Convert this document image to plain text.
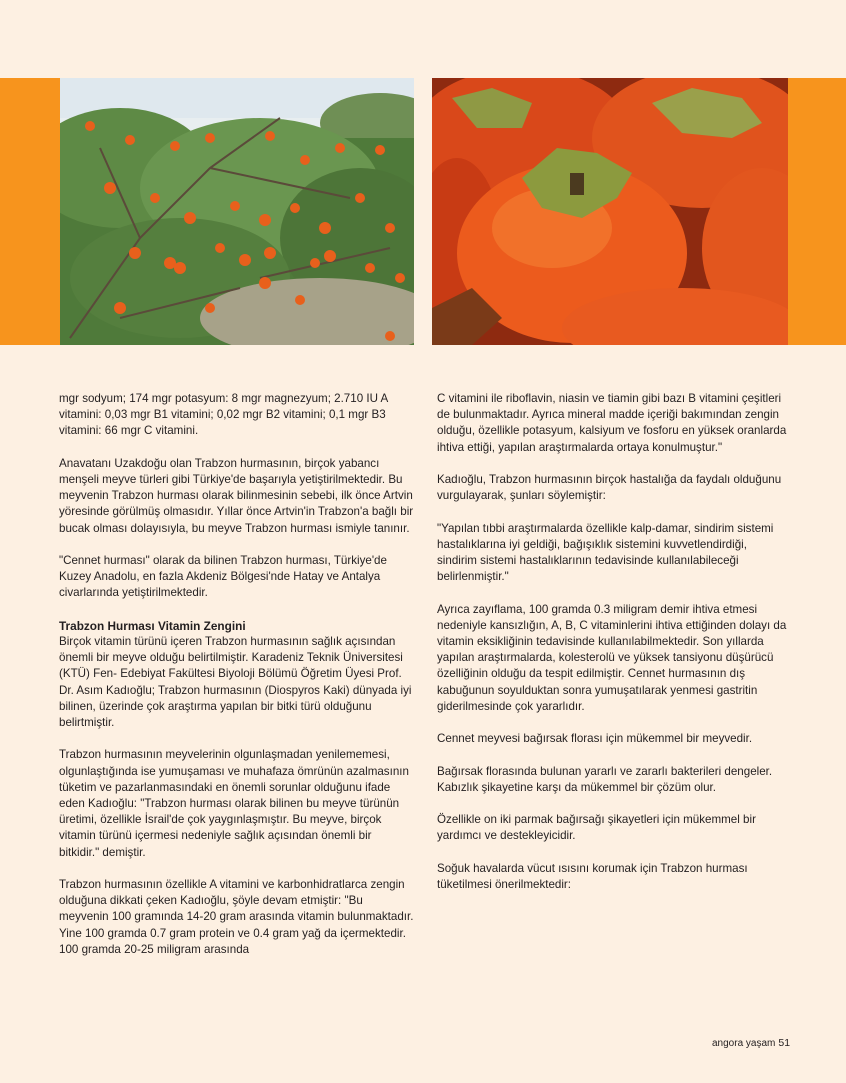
mgr sodyum; 174 mgr potasyum: 8 mgr magnezyum; 2.710 IU A vitamini: 0,03 mgr B1 vitamini; 0,02 mgr B2 vitamini; 0,1 mgr B3 vitamini: 66 mgr C vitamini.

Anavatanı Uzakdoğu olan Trabzon hurmasının, birçok yabancı menşeli meyve türleri gibi Türkiye'de başarıyla yetiştirilmektedir. Bu meyvenin Trabzon hurması olarak bilinmesinin sebebi, ilk önce Artvin yöresinde görülmüş olmasıdır. Yıllar önce Artvin'in Trabzon'a bağlı bir bucak olması dolayısıyla, bu meyve Trabzon hurması ismiyle tanınır.

"Cennet hurması" olarak da bilinen Trabzon hurması, Türkiye'de Kuzey Anadolu, en fazla Akdeniz Bölgesi'nde Hatay ve Antalya civarlarında yetiştirilmektedir.

Trabzon Hurması Vitamin Zengini

Birçok vitamin türünü içeren Trabzon hurmasının sağlık açısından önemli bir meyve olduğu belirtilmiştir. Karadeniz Teknik Üniversitesi (KTÜ) Fen- Edebiyat Fakültesi Biyoloji Bölümü Öğretim Üyesi Prof. Dr. Asım Kadıoğlu; Trabzon hurmasının (Diospyros Kaki) dünyada iyi bilinen, üzerinde çok araştırma yapılan bir bitki türü olduğunu belirtmiştir.

Trabzon hurmasının meyvelerinin olgunlaşmadan yenilememesi, olgunlaştığında ise yumuşaması ve muhafaza ömrünün azalmasının tüketim ve pazarlanmasındaki en önemli sorunlar olduğunu ifade eden Kadıoğlu: "Trabzon hurması olarak bilinen bu meyve türünün üretimi, özellikle İsrail'de çok yaygınlaşmıştır. Bu meyve, birçok vitamin türünü içermesi nedeniyle sağlık açısından önemli bir bitkidir." demiştir.

Trabzon hurmasının özellikle A vitamini ve karbonhidratlarca zengin olduğuna dikkati çeken Kadıoğlu, şöyle devam etmiştir: "Bu meyvenin 100 gramında 14-20 gram arasında vitamin bulunmaktadır. Yine 100 gramda 0.7 gram protein ve 0.4 gram yağ da içermektedir. 100 gramda 20-25 miligram arasında

C vitamini ile riboflavin, niasin ve tiamin gibi bazı B vitamini çeşitleri de bulunmaktadır. Ayrıca mineral madde içeriği bakımından zengin olduğu, özellikle potasyum, kalsiyum ve fosforu en yüksek oranlarda ihtiva ettiği, yapılan araştırmalarda ortaya konulmuştur."

Kadıoğlu, Trabzon hurmasının birçok hastalığa da faydalı olduğunu vurgulayarak, şunları söylemiştir:

"Yapılan tıbbi araştırmalarda özellikle kalp-damar, sindirim sistemi hastalıklarına iyi geldiği, bağışıklık sistemini kuvvetlendirdiği, sindirim sistemi hastalıklarının tedavisinde kullanılabileceği belirlenmiştir."

Ayrıca zayıflama, 100 gramda 0.3 miligram demir ihtiva etmesi nedeniyle kansızlığın, A, B, C vitaminlerini ihtiva ettiğinden dolayı da vitamin eksikliğinin tedavisinde kullanılabilmektedir. Son yıllarda yapılan araştırmalarda, kolesterolü ve yüksek tansiyonu düşürücü özelliğinin olduğu da tespit edilmiştir. Cennet hurmasının dış kabuğunun soyulduktan sonra yumuşatılarak yenmesi gastritin giderilmesinde çok yararlıdır.

Cennet meyvesi bağırsak florası için mükemmel bir meyvedir.

Bağırsak florasında bulunan yararlı ve zararlı bakterileri dengeler. Kabızlık şikayetine karşı da mükemmel bir çözüm olur.

Özellikle on iki parmak bağırsağı şikayetleri için mükemmel bir yardımcı ve destekleyicidir.

Soğuk havalarda vücut ısısını korumak için Trabzon hurması tüketilmesi önerilmektedir:

angora yaşam 51
